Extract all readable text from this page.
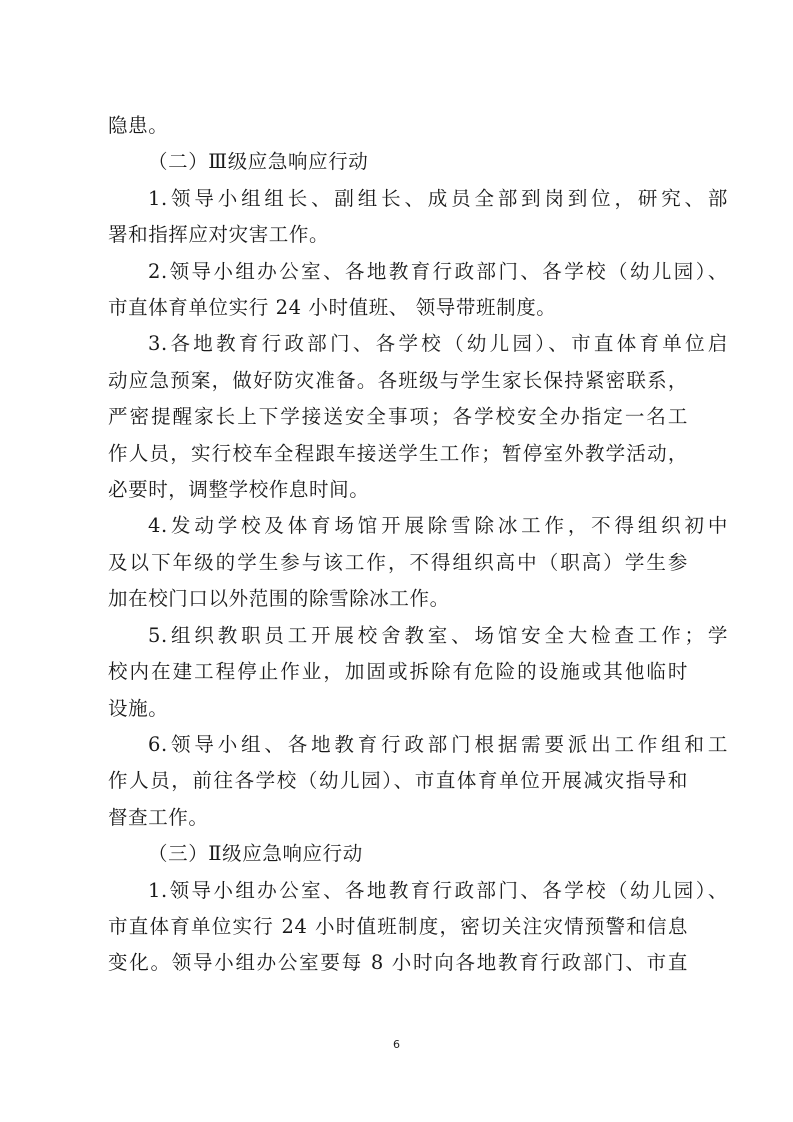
隐患。
（二）Ⅲ级应急响应行动
1.领导小组组长、副组长、成员全部到岗到位，研究、部
署和指挥应对灾害工作。
2.领导小组办公室、各地教育行政部门、各学校（幼儿园）、
市直体育单位实行 24 小时值班、 领导带班制度。
3.各地教育行政部门、各学校（幼儿园）、市直体育单位启
动应急预案，做好防灾准备。各班级与学生家长保持紧密联系，
严密提醒家长上下学接送安全事项；各学校安全办指定一名工
作人员，实行校车全程跟车接送学生工作；暂停室外教学活动，
必要时，调整学校作息时间。
4.发动学校及体育场馆开展除雪除冰工作，不得组织初中
及以下年级的学生参与该工作，不得组织高中（职高）学生参
加在校门口以外范围的除雪除冰工作。
5.组织教职员工开展校舍教室、场馆安全大检查工作；学
校内在建工程停止作业，加固或拆除有危险的设施或其他临时
设施。
6.领导小组、各地教育行政部门根据需要派出工作组和工
作人员，前往各学校（幼儿园）、市直体育单位开展减灾指导和
督查工作。
（三）Ⅱ级应急响应行动
1.领导小组办公室、各地教育行政部门、各学校（幼儿园）、
市直体育单位实行 24 小时值班制度，密切关注灾情预警和信息
变化。领导小组办公室要每 8 小时向各地教育行政部门、市直
6
